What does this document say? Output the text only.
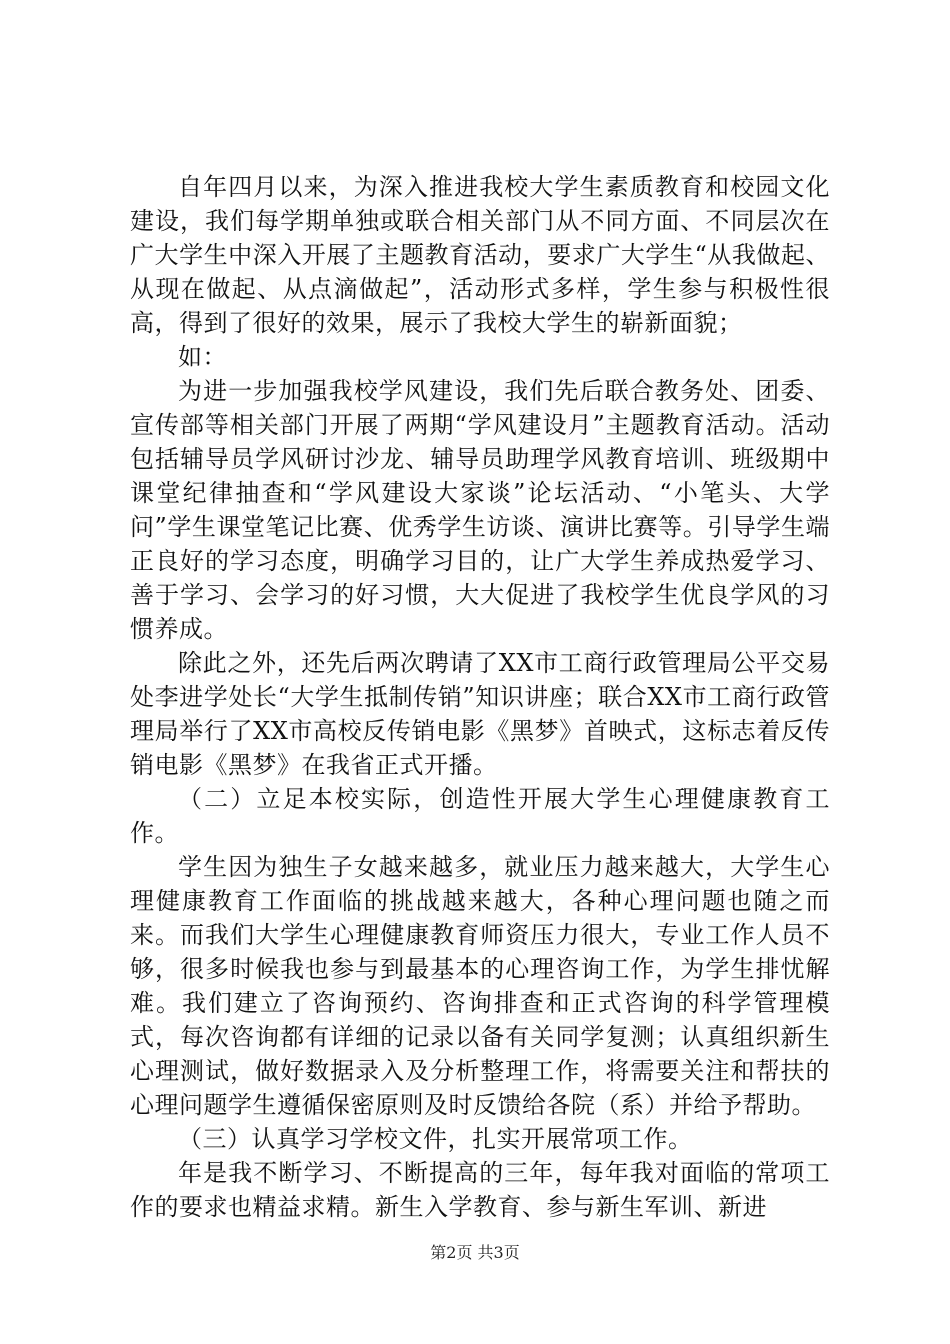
自年四月以来，为深入推进我校大学生素质教育和校园文化建设，我们每学期单独或联合相关部门从不同方面、不同层次在广大学生中深入开展了主题教育活动，要求广大学生“从我做起、从现在做起、从点滴做起”，活动形式多样，学生参与积极性很高，得到了很好的效果，展示了我校大学生的崭新面貌；

如：

为进一步加强我校学风建设，我们先后联合教务处、团委、宣传部等相关部门开展了两期“学风建设月”主题教育活动。活动包括辅导员学风研讨沙龙、辅导员助理学风教育培训、班级期中课堂纪律抽查和“学风建设大家谈”论坛活动、“小笔头、大学问”学生课堂笔记比赛、优秀学生访谈、演讲比赛等。引导学生端正良好的学习态度，明确学习目的，让广大学生养成热爱学习、善于学习、会学习的好习惯，大大促进了我校学生优良学风的习惯养成。

除此之外，还先后两次聘请了XX市工商行政管理局公平交易处李进学处长“大学生抵制传销”知识讲座；联合XX市工商行政管理局举行了XX市高校反传销电影《黑梦》首映式，这标志着反传销电影《黑梦》在我省正式开播。

（二）立足本校实际，创造性开展大学生心理健康教育工作。

学生因为独生子女越来越多，就业压力越来越大，大学生心理健康教育工作面临的挑战越来越大，各种心理问题也随之而来。而我们大学生心理健康教育师资压力很大，专业工作人员不够，很多时候我也参与到最基本的心理咨询工作，为学生排忧解难。我们建立了咨询预约、咨询排查和正式咨询的科学管理模式，每次咨询都有详细的记录以备有关同学复测；认真组织新生心理测试，做好数据录入及分析整理工作，将需要关注和帮扶的心理问题学生遵循保密原则及时反馈给各院（系）并给予帮助。

（三）认真学习学校文件，扎实开展常项工作。

年是我不断学习、不断提高的三年，每年我对面临的常项工作的要求也精益求精。新生入学教育、参与新生军训、新进

第2页 共3页
